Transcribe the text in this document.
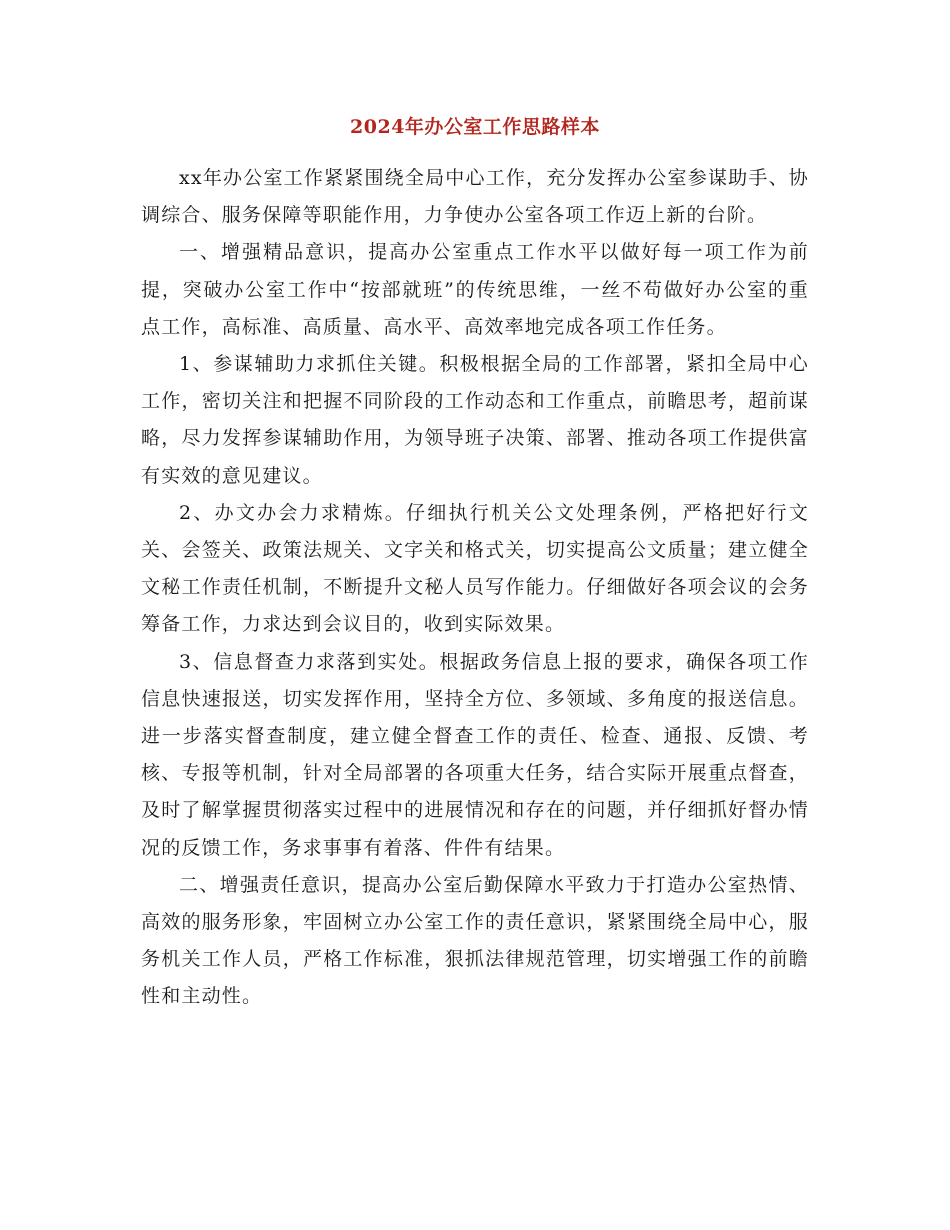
2024年办公室工作思路样本

xx年办公室工作紧紧围绕全局中心工作，充分发挥办公室参谋助手、协调综合、服务保障等职能作用，力争使办公室各项工作迈上新的台阶。

一、增强精品意识，提高办公室重点工作水平以做好每一项工作为前提，突破办公室工作中“按部就班”的传统思维，一丝不苟做好办公室的重点工作，高标准、高质量、高水平、高效率地完成各项工作任务。

1、参谋辅助力求抓住关键。积极根据全局的工作部署，紧扣全局中心工作，密切关注和把握不同阶段的工作动态和工作重点，前瞻思考，超前谋略，尽力发挥参谋辅助作用，为领导班子决策、部署、推动各项工作提供富有实效的意见建议。

2、办文办会力求精炼。仔细执行机关公文处理条例，严格把好行文关、会签关、政策法规关、文字关和格式关，切实提高公文质量；建立健全文秘工作责任机制，不断提升文秘人员写作能力。仔细做好各项会议的会务筹备工作，力求达到会议目的，收到实际效果。

3、信息督查力求落到实处。根据政务信息上报的要求，确保各项工作信息快速报送，切实发挥作用，坚持全方位、多领域、多角度的报送信息。进一步落实督查制度，建立健全督查工作的责任、检查、通报、反馈、考核、专报等机制，针对全局部署的各项重大任务，结合实际开展重点督查，及时了解掌握贯彻落实过程中的进展情况和存在的问题，并仔细抓好督办情况的反馈工作，务求事事有着落、件件有结果。

二、增强责任意识，提高办公室后勤保障水平致力于打造办公室热情、高效的服务形象，牢固树立办公室工作的责任意识，紧紧围绕全局中心，服务机关工作人员，严格工作标准，狠抓法律规范管理，切实增强工作的前瞻性和主动性。
